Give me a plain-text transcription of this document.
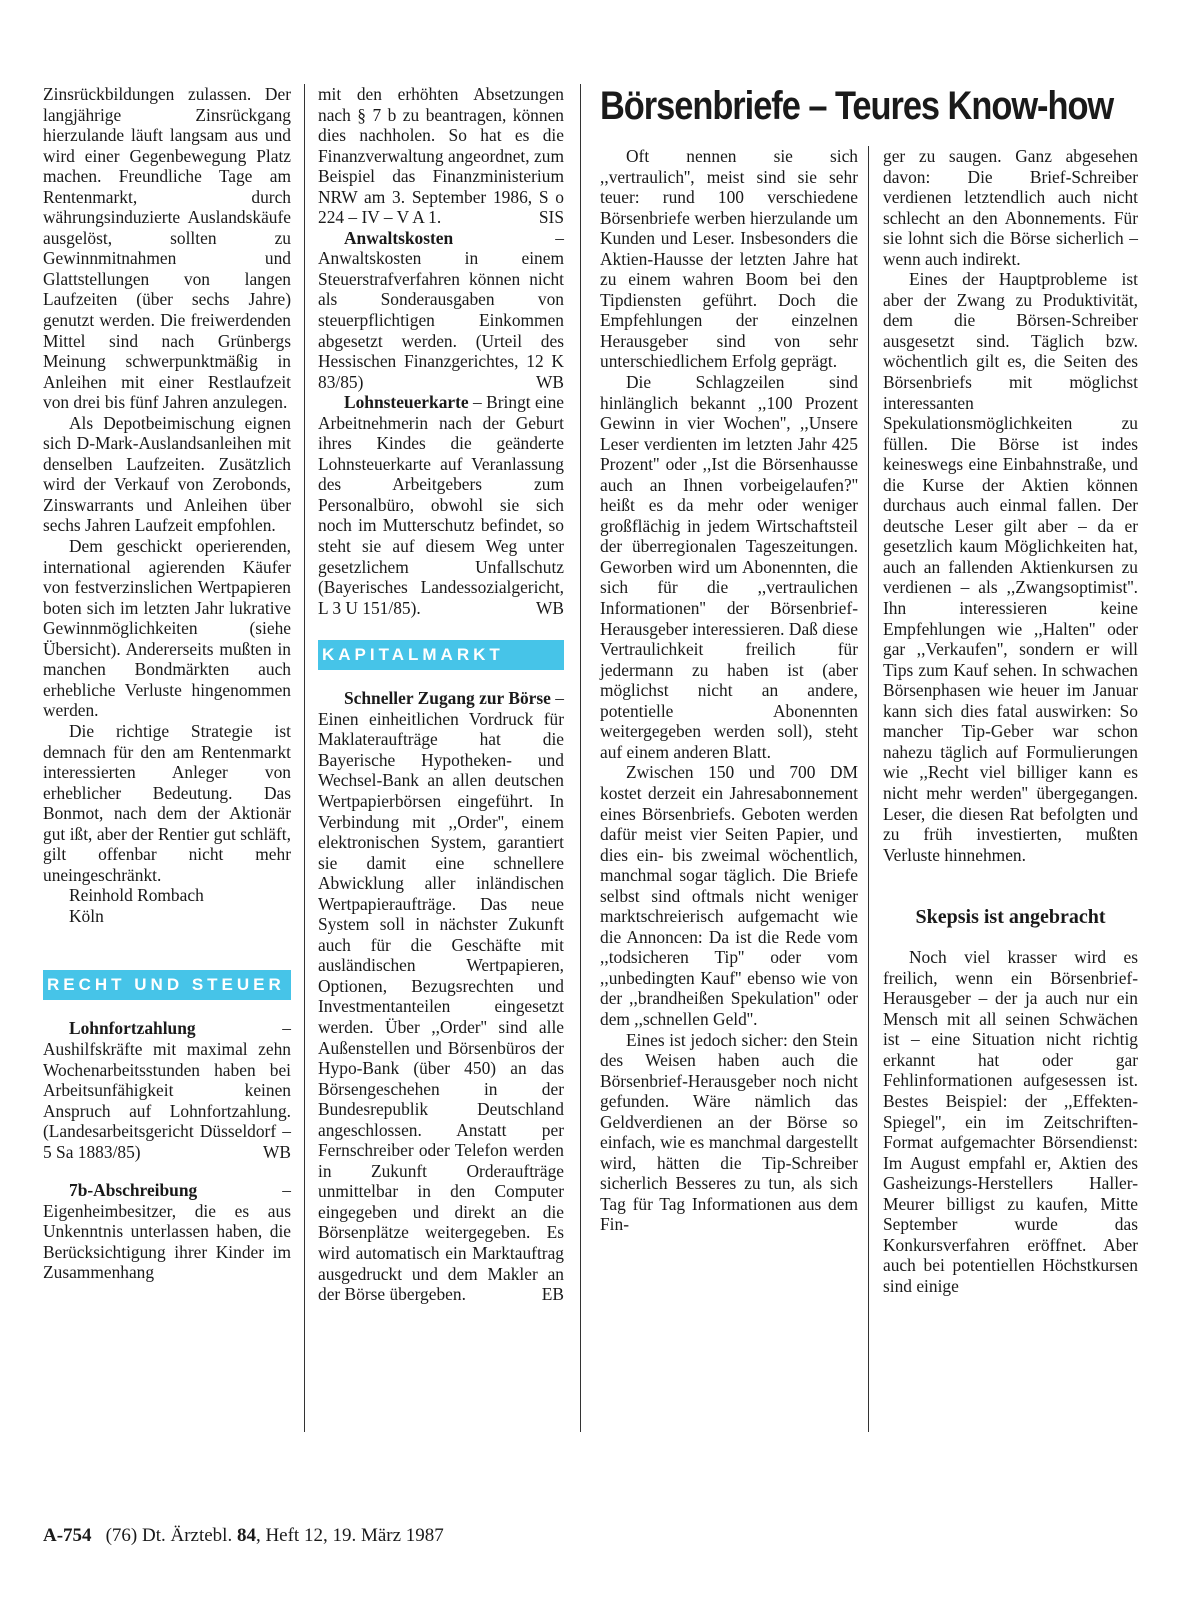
Zinsrückbildungen zulassen. Der langjährige Zinsrückgang hierzulande läuft langsam aus und wird einer Gegenbewegung Platz machen. Freundliche Tage am Rentenmarkt, durch währungsinduzierte Auslandskäufe ausgelöst, sollten zu Gewinnmitnahmen und Glattstellungen von langen Laufzeiten (über sechs Jahre) genutzt werden. Die freiwerdenden Mittel sind nach Grünbergs Meinung schwerpunktmäßig in Anleihen mit einer Restlaufzeit von drei bis fünf Jahren anzulegen.

Als Depotbeimischung eignen sich D-Mark-Auslandsanleihen mit denselben Laufzeiten. Zusätzlich wird der Verkauf von Zerobonds, Zinswarrants und Anleihen über sechs Jahren Laufzeit empfohlen.

Dem geschickt operierenden, international agierenden Käufer von festverzinslichen Wertpapieren boten sich im letzten Jahr lukrative Gewinnmöglichkeiten (siehe Übersicht). Andererseits mußten in manchen Bondmärkten auch erhebliche Verluste hingenommen werden.

Die richtige Strategie ist demnach für den am Rentenmarkt interessierten Anleger von erheblicher Bedeutung. Das Bonmot, nach dem der Aktionär gut ißt, aber der Rentier gut schläft, gilt offenbar nicht mehr uneingeschränkt.

Reinhold Rombach

Köln

RECHT UND STEUER

Lohnfortzahlung – Aushilfskräfte mit maximal zehn Wochenarbeitsstunden haben bei Arbeitsunfähigkeit keinen Anspruch auf Lohnfortzahlung. (Landesarbeitsgericht Düsseldorf – 5 Sa 1883/85)	WB

7b-Abschreibung – Eigenheimbesitzer, die es aus Unkenntnis unterlassen haben, die Berücksichtigung ihrer Kinder im Zusammenhang

mit den erhöhten Absetzungen nach § 7 b zu beantragen, können dies nachholen. So hat es die Finanzverwaltung angeordnet, zum Beispiel das Finanzministerium NRW am 3. September 1986, S o 224 – IV – V A 1.	SIS

Anwaltskosten – Anwaltskosten in einem Steuerstrafverfahren können nicht als Sonderausgaben von steuerpflichtigen Einkommen abgesetzt werden. (Urteil des Hessischen Finanzgerichtes, 12 K 83/85)	WB

Lohnsteuerkarte – Bringt eine Arbeitnehmerin nach der Geburt ihres Kindes die geänderte Lohnsteuerkarte auf Veranlassung des Arbeitgebers zum Personalbüro, obwohl sie sich noch im Mutterschutz befindet, so steht sie auf diesem Weg unter gesetzlichem Unfallschutz (Bayerisches Landessozialgericht, L 3 U 151/85).	WB

KAPITALMARKT

Schneller Zugang zur Börse – Einen einheitlichen Vordruck für Maklateraufträge hat die Bayerische Hypotheken- und Wechsel-Bank an allen deutschen Wertpapierbörsen eingeführt. In Verbindung mit ,,Order'', einem elektronischen System, garantiert sie damit eine schnellere Abwicklung aller inländischen Wertpapieraufträge. Das neue System soll in nächster Zukunft auch für die Geschäfte mit ausländischen Wertpapieren, Optionen, Bezugsrechten und Investmentanteilen eingesetzt werden. Über ,,Order'' sind alle Außenstellen und Börsenbüros der Hypo-Bank (über 450) an das Börsengeschehen in der Bundesrepublik Deutschland angeschlossen. Anstatt per Fernschreiber oder Telefon werden in Zukunft Orderaufträge unmittelbar in den Computer eingegeben und direkt an die Börsenplätze weitergegeben. Es wird automatisch ein Marktauftrag ausgedruckt und dem Makler an der Börse übergeben.	EB

Börsenbriefe – Teures Know-how

Oft nennen sie sich ,,vertraulich'', meist sind sie sehr teuer: rund 100 verschiedene Börsenbriefe werben hierzulande um Kunden und Leser. Insbesonders die Aktien-Hausse der letzten Jahre hat zu einem wahren Boom bei den Tipdiensten geführt. Doch die Empfehlungen der einzelnen Herausgeber sind von sehr unterschiedlichem Erfolg geprägt.

Die Schlagzeilen sind hinlänglich bekannt ,,100 Prozent Gewinn in vier Wochen'', ,,Unsere Leser verdienten im letzten Jahr 425 Prozent'' oder ,,Ist die Börsenhausse auch an Ihnen vorbeigelaufen?'' heißt es da mehr oder weniger großflächig in jedem Wirtschaftsteil der überregionalen Tageszeitungen. Geworben wird um Abonennten, die sich für die ,,vertraulichen Informationen'' der Börsenbrief-Herausgeber interessieren. Daß diese Vertraulichkeit freilich für jedermann zu haben ist (aber möglichst nicht an andere, potentielle Abonennten weitergegeben werden soll), steht auf einem anderen Blatt.

Zwischen 150 und 700 DM kostet derzeit ein Jahresabonnement eines Börsenbriefs. Geboten werden dafür meist vier Seiten Papier, und dies ein- bis zweimal wöchentlich, manchmal sogar täglich. Die Briefe selbst sind oftmals nicht weniger marktschreierisch aufgemacht wie die Annoncen: Da ist die Rede vom ,,todsicheren Tip'' oder vom ,,unbedingten Kauf'' ebenso wie von der ,,brandheißen Spekulation'' oder dem ,,schnellen Geld''.

Eines ist jedoch sicher: den Stein des Weisen haben auch die Börsenbrief-Herausgeber noch nicht gefunden. Wäre nämlich das Geldverdienen an der Börse so einfach, wie es manchmal dargestellt wird, hätten die Tip-Schreiber sicherlich Besseres zu tun, als sich Tag für Tag Informationen aus dem Fin-

ger zu saugen. Ganz abgesehen davon: Die Brief-Schreiber verdienen letztendlich auch nicht schlecht an den Abonnements. Für sie lohnt sich die Börse sicherlich – wenn auch indirekt.

Eines der Hauptprobleme ist aber der Zwang zu Produktivität, dem die Börsen-Schreiber ausgesetzt sind. Täglich bzw. wöchentlich gilt es, die Seiten des Börsenbriefs mit möglichst interessanten Spekulationsmöglichkeiten zu füllen. Die Börse ist indes keineswegs eine Einbahnstraße, und die Kurse der Aktien können durchaus auch einmal fallen. Der deutsche Leser gilt aber – da er gesetzlich kaum Möglichkeiten hat, auch an fallenden Aktienkursen zu verdienen – als ,,Zwangsoptimist''. Ihn interessieren keine Empfehlungen wie ,,Halten'' oder gar ,,Verkaufen'', sondern er will Tips zum Kauf sehen. In schwachen Börsenphasen wie heuer im Januar kann sich dies fatal auswirken: So mancher Tip-Geber war schon nahezu täglich auf Formulierungen wie ,,Recht viel billiger kann es nicht mehr werden'' übergegangen. Leser, die diesen Rat befolgten und zu früh investierten, mußten Verluste hinnehmen.

Skepsis ist angebracht

Noch viel krasser wird es freilich, wenn ein Börsenbrief-Herausgeber – der ja auch nur ein Mensch mit all seinen Schwächen ist – eine Situation nicht richtig erkannt hat oder gar Fehlinformationen aufgesessen ist. Bestes Beispiel: der ,,Effekten-Spiegel'', ein im Zeitschriften-Format aufgemachter Börsendienst: Im August empfahl er, Aktien des Gasheizungs-Herstellers Haller-Meurer billigst zu kaufen, Mitte September wurde das Konkursverfahren eröffnet. Aber auch bei potentiellen Höchstkursen sind einige

A-754 (76) Dt. Ärztebl. 84, Heft 12, 19. März 1987
